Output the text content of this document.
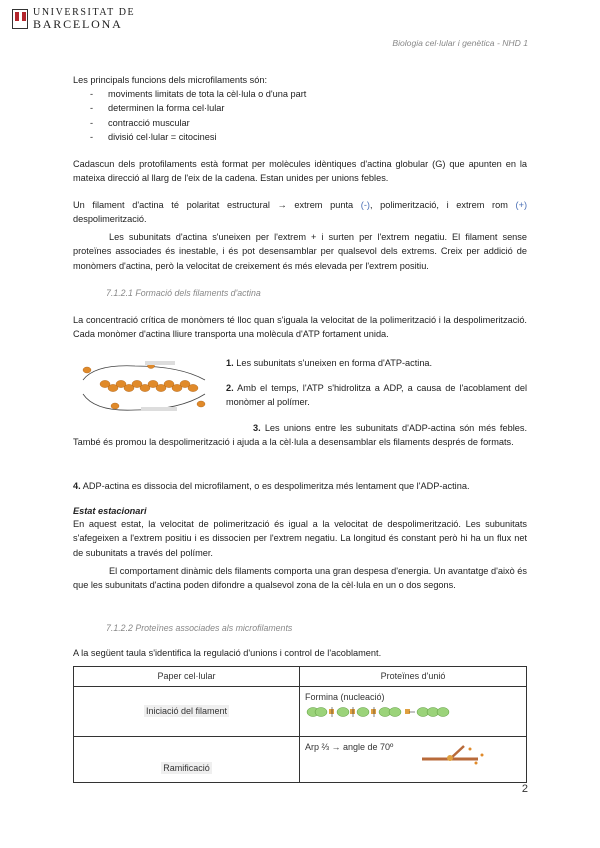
UNIVERSITAT DE
BARCELONA
Biologia cel·lular i genètica - NHD 1
Les principals funcions dels microfilaments són:
- moviments limitats de tota la cèl·lula o d'una part
- determinen la forma cel·lular
- contracció muscular
- divisió cel·lular = citocinesi
Cadascun dels protofilaments està format per molècules idèntiques d'actina globular (G) que apunten en la mateixa direcció al llarg de l'eix de la cadena. Estan unides per unions febles.
Un filament d'actina té polaritat estructural → extrem punta (-), polimerització, i extrem rom (+) despolimerització.
Les subunitats d'actina s'uneixen per l'extrem + i surten per l'extrem negatiu. El filament sense proteïnes associades és inestable, i és pot desensamblar per qualsevol dels extrems. Creix per addició de monòmers d'actina, però la velocitat de creixement és més elevada per l'extrem positiu.
7.1.2.1 Formació dels filaments d'actina
La concentració crítica de monòmers té lloc quan s'iguala la velocitat de la polimerització i la despolimerització. Cada monòmer d'actina lliure transporta una molècula d'ATP fortament unida.
1. Les subunitats s'uneixen en forma d'ATP-actina.
2. Amb el temps, l'ATP s'hidrolitza a ADP, a causa de l'acoblament del monòmer al polímer.
3. Les unions entre les subunitats d'ADP-actina són més febles. També és promou la despolimerització i ajuda a la cèl·lula a desensamblar els filaments després de formats.
4. ADP-actina es dissocia del microfilament, o es despolimeritza més lentament que l'ADP-actina.
Estat estacionari
En aquest estat, la velocitat de polimerització és igual a la velocitat de despolimerització. Les subunitats s'afegeixen a l'extrem positiu i es dissocien per l'extrem negatiu. La longitud és constant però hi ha un flux net de subunitats a través del polímer.
El comportament dinàmic dels filaments comporta una gran despesa d'energia. Un avantatge d'això és que les subunitats d'actina poden difondre a qualsevol zona de la cèl·lula en un o dos segons.
7.1.2.2 Proteïnes associades als microfilaments
A la següent taula s'identifica la regulació d'unions i control de l'acoblament.
Paper cel·lular	Proteïnes d'unió
Iniciació del filament	Formina (nucleació)

Ramificació	Arp ⅔ → angle de 70º
2
